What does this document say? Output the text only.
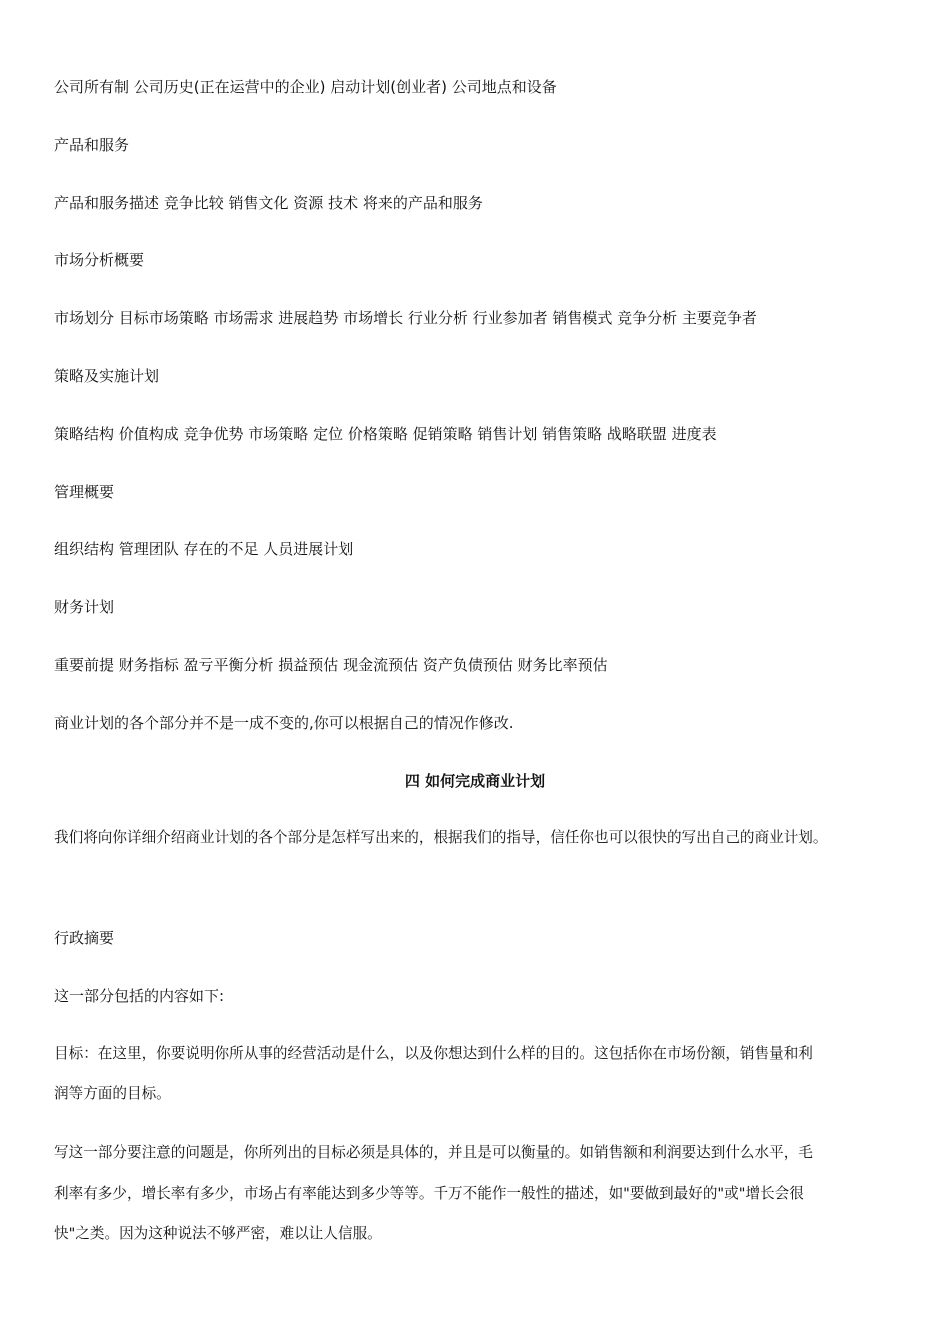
公司所有制 公司历史(正在运营中的企业) 启动计划(创业者) 公司地点和设备
产品和服务
产品和服务描述 竞争比较 销售文化 资源 技术 将来的产品和服务
市场分析概要
市场划分 目标市场策略 市场需求 进展趋势 市场增长 行业分析 行业参加者 销售模式 竞争分析 主要竞争者
策略及实施计划
策略结构 价值构成 竞争优势 市场策略 定位 价格策略 促销策略 销售计划 销售策略 战略联盟 进度表
管理概要
组织结构 管理团队 存在的不足 人员进展计划
财务计划
重要前提 财务指标 盈亏平衡分析 损益预估 现金流预估 资产负债预估 财务比率预估
商业计划的各个部分并不是一成不变的,你可以根据自己的情况作修改.
四 如何完成商业计划
我们将向你详细介绍商业计划的各个部分是怎样写出来的，根据我们的指导，信任你也可以很快的写出自己的商业计划。
行政摘要
这一部分包括的内容如下:
目标：在这里，你要说明你所从事的经营活动是什么，以及你想达到什么样的目的。这包括你在市场份额，销售量和利
润等方面的目标。
写这一部分要注意的问题是，你所列出的目标必须是具体的，并且是可以衡量的。如销售额和利润要达到什么水平，毛
利率有多少，增长率有多少，市场占有率能达到多少等等。千万不能作一般性的描述，如"要做到最好的"或"增长会很
快"之类。因为这种说法不够严密，难以让人信服。
